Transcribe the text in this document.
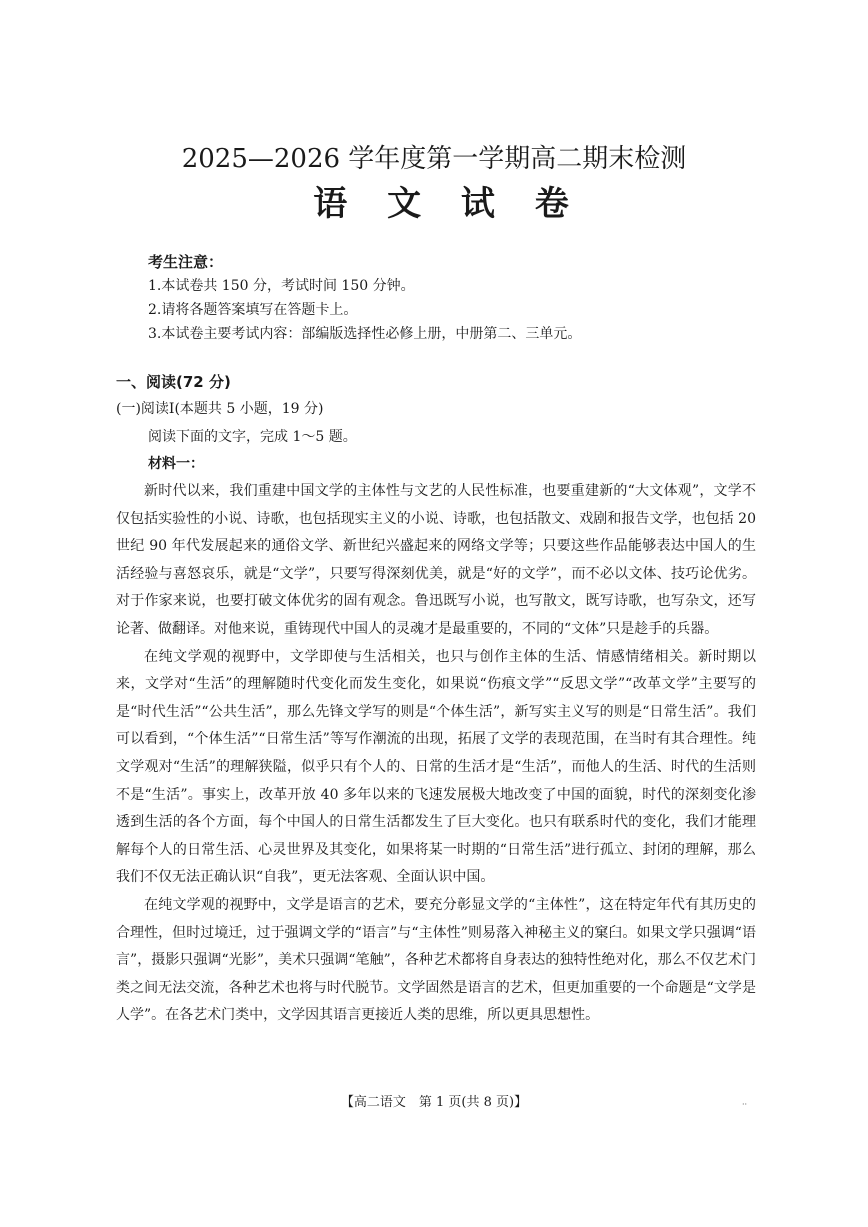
2025—2026 学年度第一学期高二期末检测
语 文 试 卷
考生注意：
1.本试卷共 150 分，考试时间 150 分钟。
2.请将各题答案填写在答题卡上。
3.本试卷主要考试内容：部编版选择性必修上册，中册第二、三单元。
一、阅读(72 分)
(一)阅读Ⅰ(本题共 5 小题，19 分)
阅读下面的文字，完成 1～5 题。
材料一：

新时代以来，我们重建中国文学的主体性与文艺的人民性标准，也要重建新的“大文体观”，文学不仅包括实验性的小说、诗歌，也包括现实主义的小说、诗歌，也包括散文、戏剧和报告文学，也包括 20 世纪 90 年代发展起来的通俗文学、新世纪兴盛起来的网络文学等；只要这些作品能够表达中国人的生活经验与喜怒哀乐，就是“文学”，只要写得深刻优美，就是“好的文学”，而不必以文体、技巧论优劣。对于作家来说，也要打破文体优劣的固有观念。鲁迅既写小说，也写散文，既写诗歌，也写杂文，还写论著、做翻译。对他来说，重铸现代中国人的灵魂才是最重要的，不同的“文体”只是趁手的兵器。

在纯文学观的视野中，文学即使与生活相关，也只与创作主体的生活、情感情绪相关。新时期以来，文学对“生活”的理解随时代变化而发生变化，如果说“伤痕文学”“反思文学”“改革文学”主要写的是“时代生活”“公共生活”，那么先锋文学写的则是“个体生活”，新写实主义写的则是“日常生活”。我们可以看到，“个体生活”“日常生活”等写作潮流的出现，拓展了文学的表现范围，在当时有其合理性。纯文学观对“生活”的理解狭隘，似乎只有个人的、日常的生活才是“生活”，而他人的生活、时代的生活则不是“生活”。事实上，改革开放 40 多年以来的飞速发展极大地改变了中国的面貌，时代的深刻变化渗透到生活的各个方面，每个中国人的日常生活都发生了巨大变化。也只有联系时代的变化，我们才能理解每个人的日常生活、心灵世界及其变化，如果将某一时期的“日常生活”进行孤立、封闭的理解，那么我们不仅无法正确认识“自我”，更无法客观、全面认识中国。

在纯文学观的视野中，文学是语言的艺术，要充分彰显文学的“主体性”，这在特定年代有其历史的合理性，但时过境迁，过于强调文学的“语言”与“主体性”则易落入神秘主义的窠臼。如果文学只强调“语言”，摄影只强调“光影”，美术只强调“笔触”，各种艺术都将自身表达的独特性绝对化，那么不仅艺术门类之间无法交流，各种艺术也将与时代脱节。文学固然是语言的艺术，但更加重要的一个命题是“文学是人学”。在各艺术门类中，文学因其语言更接近人类的思维，所以更具思想性。

【高二语文　第 1 页(共 8 页)】	··
